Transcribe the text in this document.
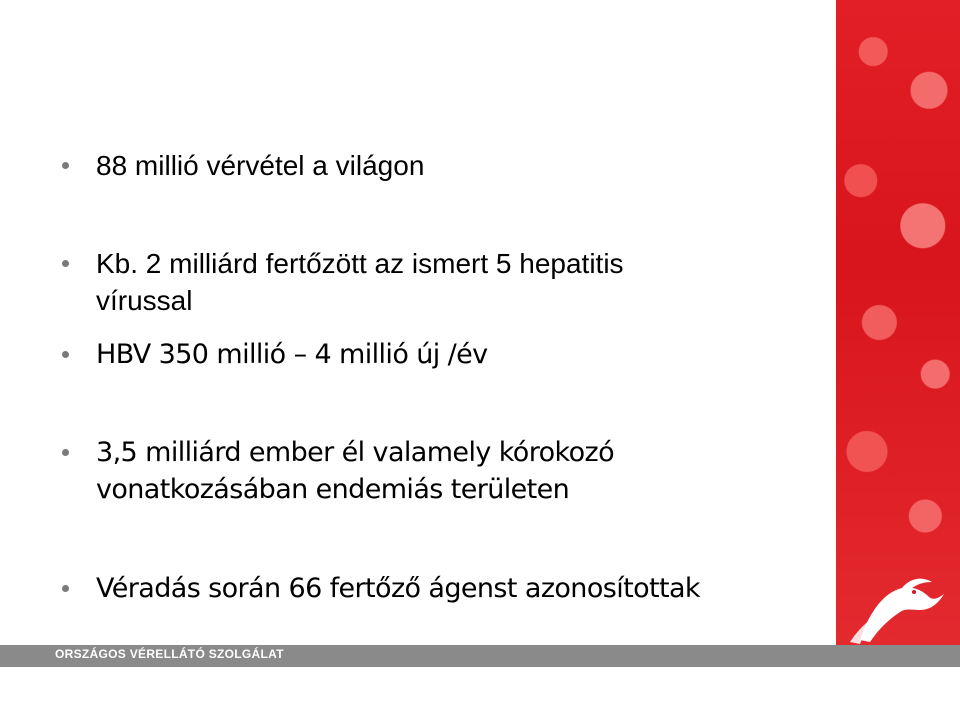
ORSZÁGOS VÉRELLÁTÓ SZOLGÁLAT
88 millió vérvétel a világon
Kb. 2 milliárd fertőzött az ismert 5 hepatitis
vírussal
HBV 350 millió – 4 millió új /év
3,5 milliárd ember él valamely kórokozó
vonatkozásában endemiás területen
Véradás során 66 fertőző ágenst azonosítottak
